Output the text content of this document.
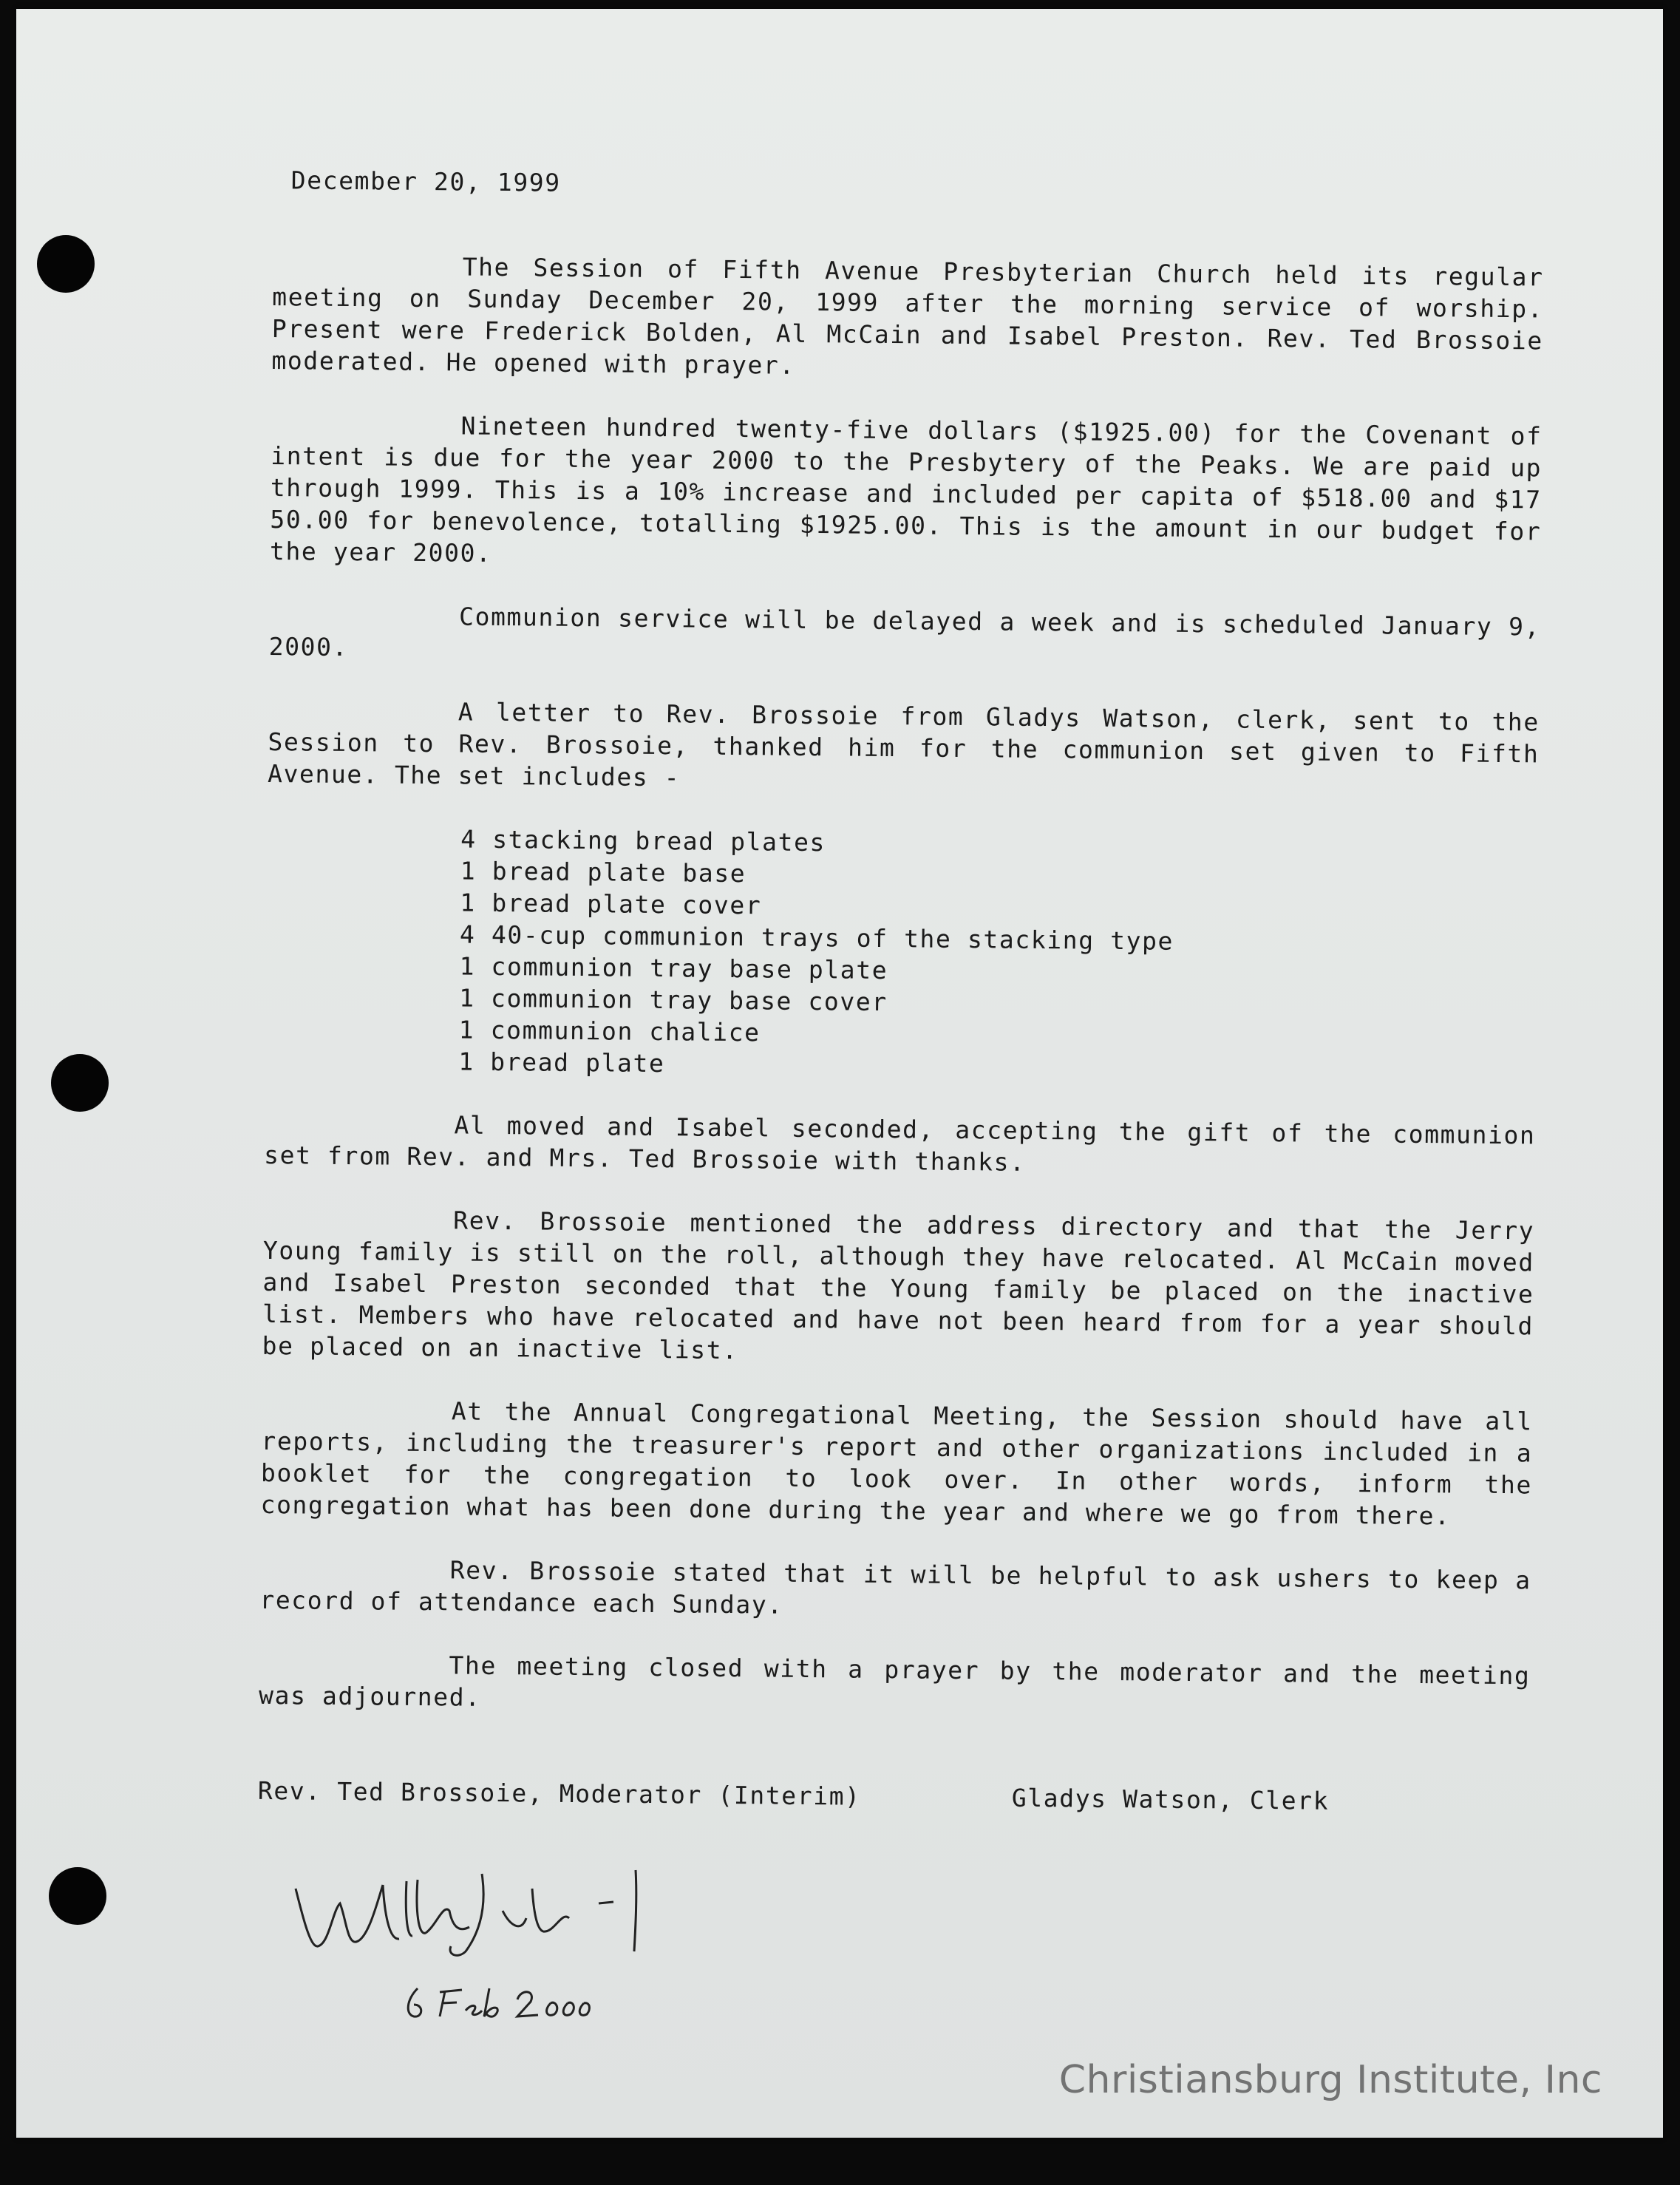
December 20, 1999

The Session of Fifth Avenue Presbyterian Church held its regular meeting on Sunday December 20, 1999 after the morning service of worship. Present were Frederick Bolden, Al McCain and Isabel Preston. Rev. Ted Brossoie moderated. He opened with prayer.

Nineteen hundred twenty-five dollars ($1925.00) for the Covenant of intent is due for the year 2000 to the Presbytery of the Peaks. We are paid up through 1999. This is a 10% increase and included per capita of $518.00 and $17 50.00 for benevolence, totalling $1925.00. This is the amount in our budget for the year 2000.

Communion service will be delayed a week and is scheduled January 9, 2000.

A letter to Rev. Brossoie from Gladys Watson, clerk, sent to the Session to Rev. Brossoie, thanked him for the communion set given to Fifth Avenue. The set includes -

4 stacking bread plates
1 bread plate base
1 bread plate cover
4 40-cup communion trays of the stacking type
1 communion tray base plate
1 communion tray base cover
1 communion chalice
1 bread plate

Al moved and Isabel seconded, accepting the gift of the communion set from Rev. and Mrs. Ted Brossoie with thanks.

Rev. Brossoie mentioned the address directory and that the Jerry Young family is still on the roll, although they have relocated. Al McCain moved and Isabel Preston seconded that the Young family be placed on the inactive list. Members who have relocated and have not been heard from for a year should be placed on an inactive list.

At the Annual Congregational Meeting, the Session should have all reports, including the treasurer's report and other organizations included in a booklet for the congregation to look over. In other words, inform the congregation what has been done during the year and where we go from there.

Rev. Brossoie stated that it will be helpful to ask ushers to keep a record of attendance each Sunday.

The meeting closed with a prayer by the moderator and the meeting was adjourned.

Rev. Ted Brossoie, Moderator (Interim)	Gladys Watson, Clerk
Christiansburg Institute, Inc
